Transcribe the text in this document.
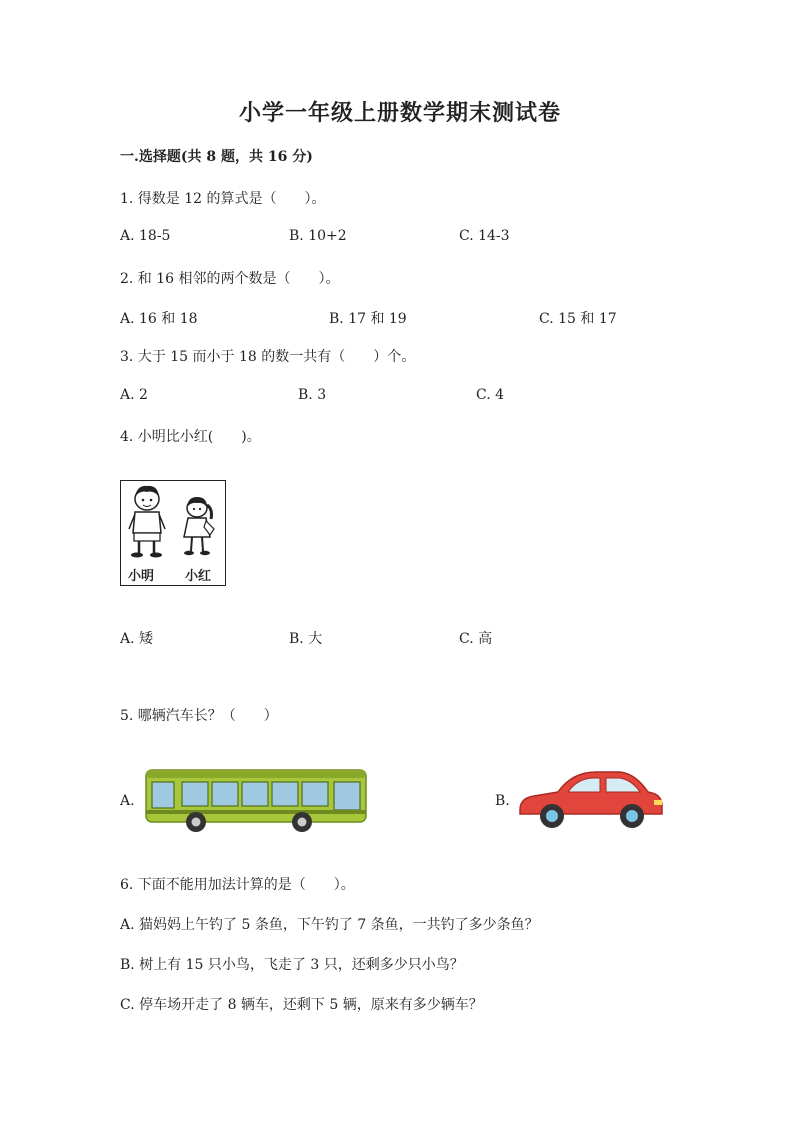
小学一年级上册数学期末测试卷
一.选择题(共 8 题，共 16 分)
1. 得数是 12 的算式是（　　）。
A. 18-5	B. 10+2	C. 14-3
2. 和 16 相邻的两个数是（　　）。
A. 16 和 18	B. 17 和 19	C. 15 和 17
3. 大于 15 而小于 18 的数一共有（　　）个。
A. 2	B. 3	C. 4
4. 小明比小红(　　)。
小明 小红
A. 矮	B. 大	C. 高
5. 哪辆汽车长？（　　）
A.	B.
6. 下面不能用加法计算的是（　　）。
A. 猫妈妈上午钓了 5 条鱼，下午钓了 7 条鱼，一共钓了多少条鱼？
B. 树上有 15 只小鸟，飞走了 3 只，还剩多少只小鸟？
C. 停车场开走了 8 辆车，还剩下 5 辆，原来有多少辆车？
